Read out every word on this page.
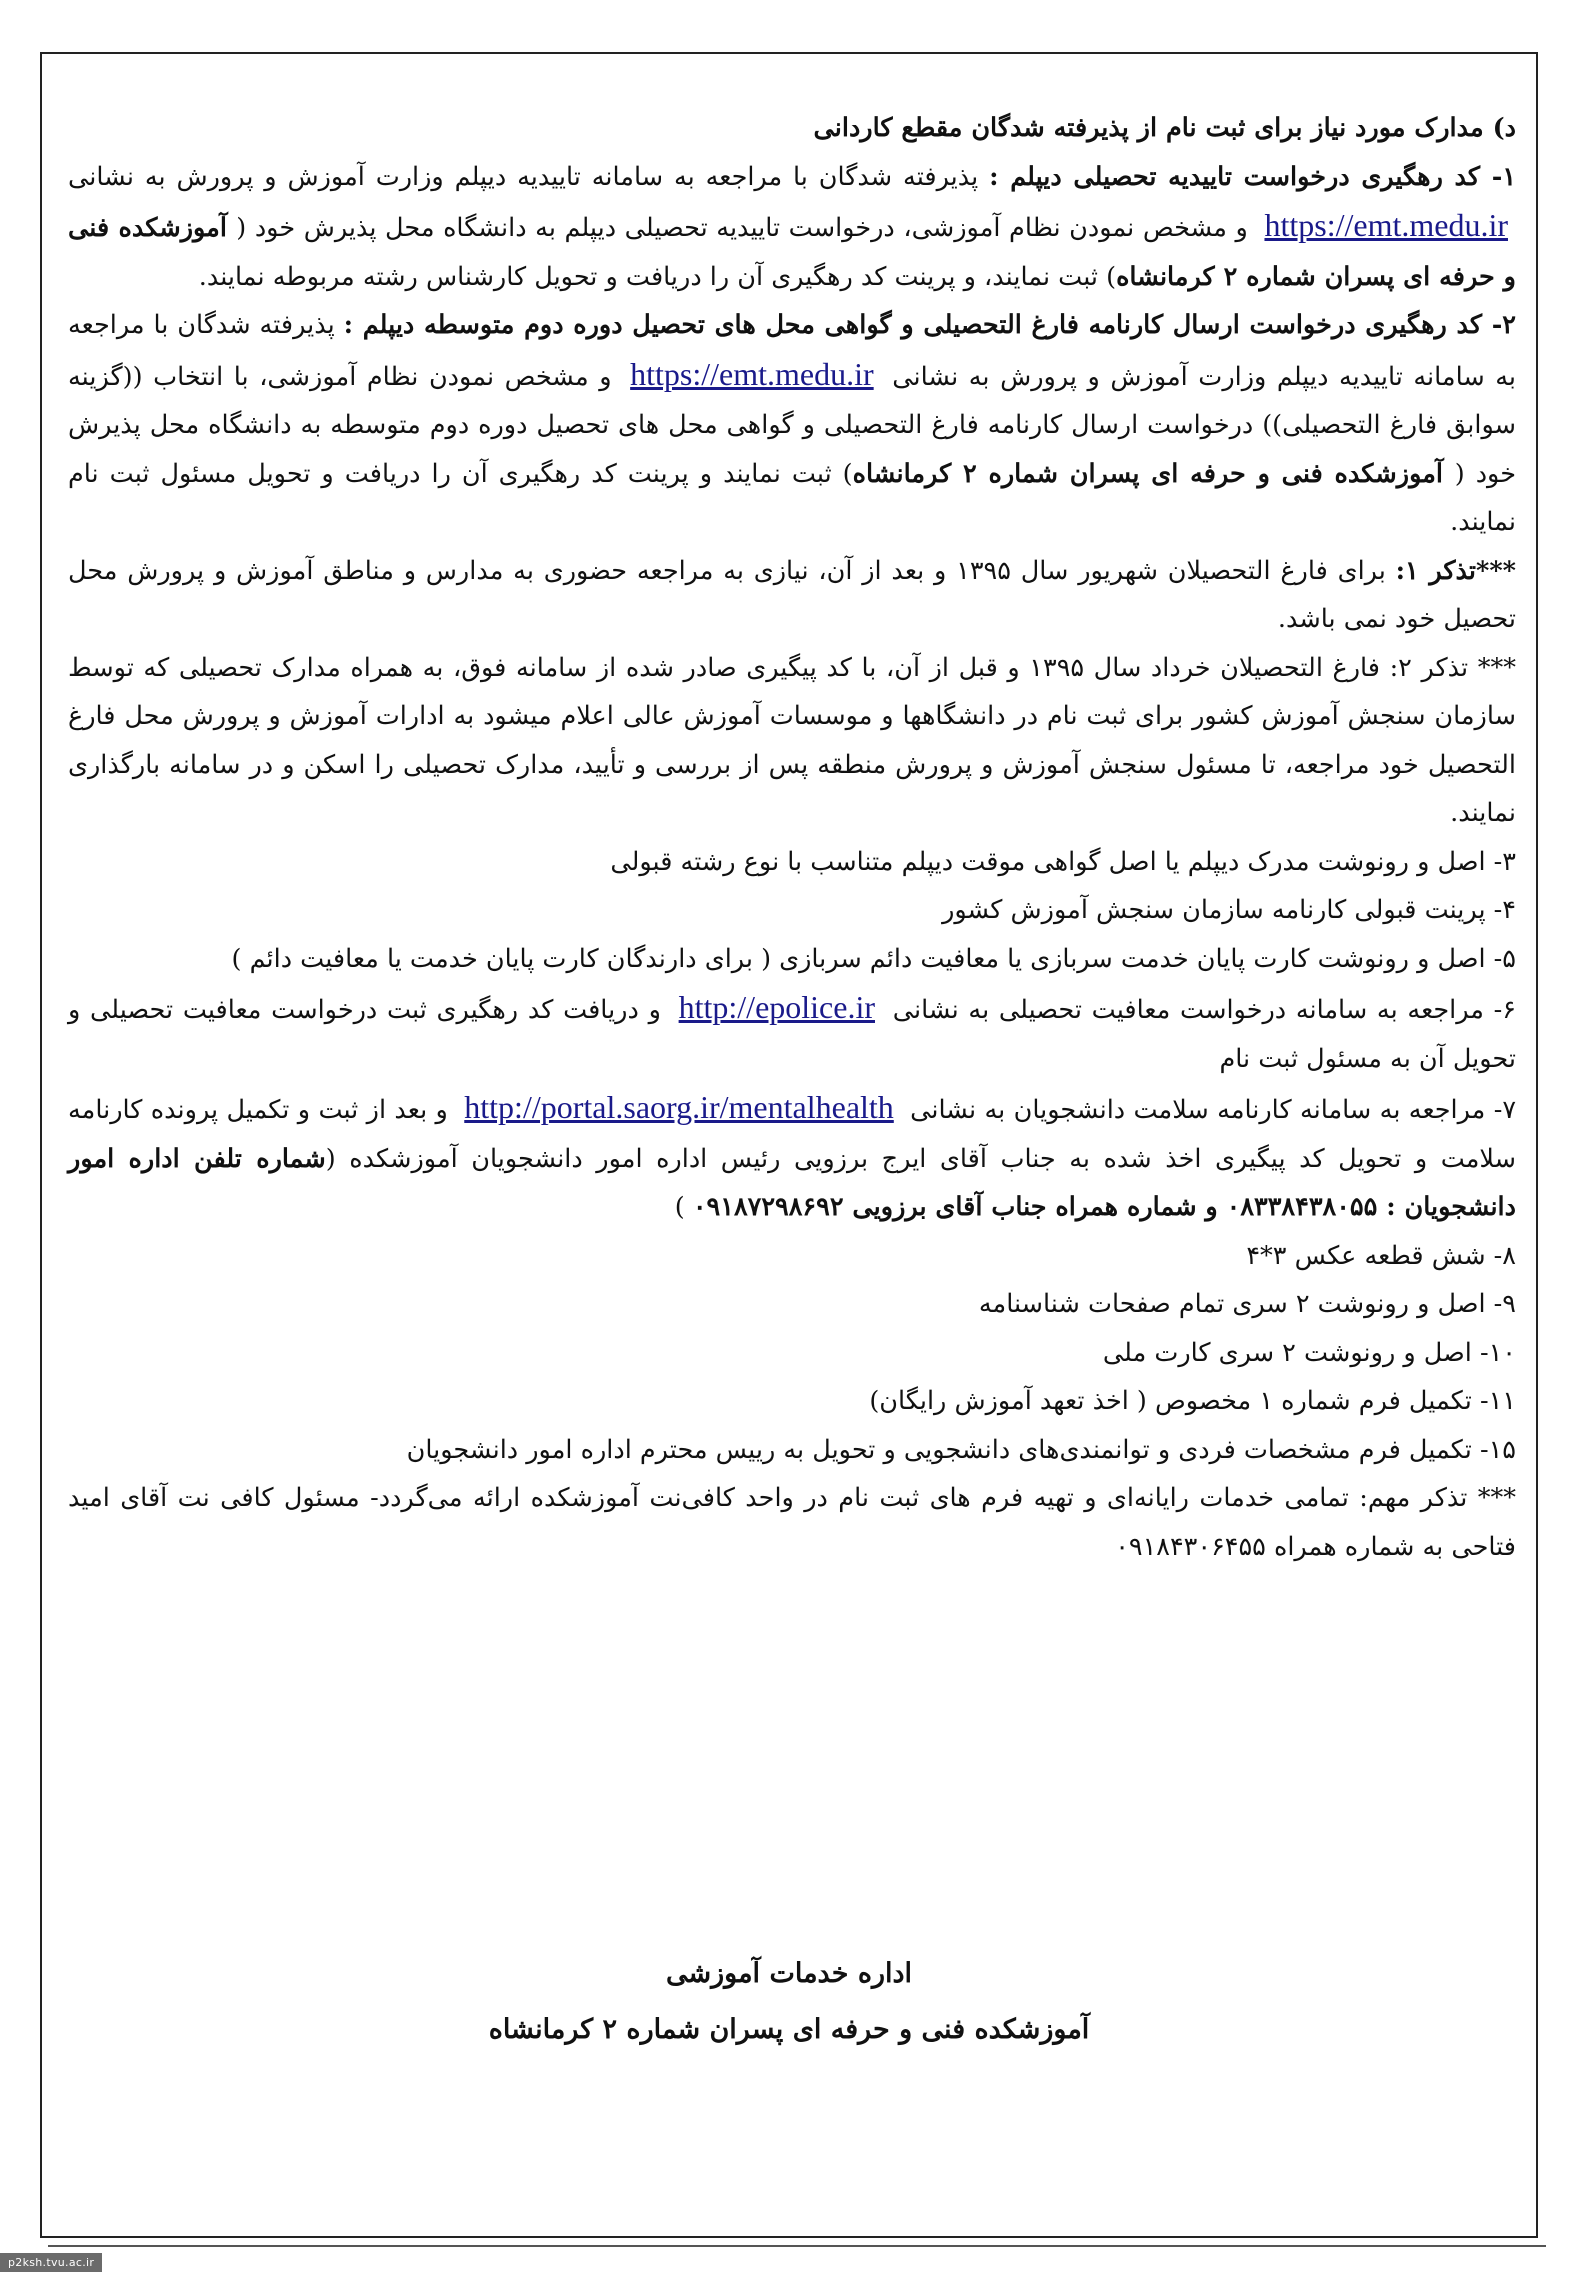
د) مدارک مورد نیاز برای ثبت نام از پذیرفته شدگان مقطع کاردانی

۱- کد رهگیری درخواست تاییدیه تحصیلی دیپلم : پذیرفته شدگان با مراجعه به سامانه تاییدیه دیپلم وزارت آموزش و پرورش به نشانی https://emt.medu.ir و مشخص نمودن نظام آموزشی، درخواست تاییدیه تحصیلی دیپلم به دانشگاه محل پذیرش خود ( آموزشکده فنی و حرفه ای پسران شماره ۲ کرمانشاه) ثبت نمایند، و پرینت کد رهگیری آن را دریافت و تحویل کارشناس رشته مربوطه نمایند.

۲- کد رهگیری درخواست ارسال کارنامه فارغ التحصیلی و گواهی محل های تحصیل دوره دوم متوسطه دیپلم : پذیرفته شدگان با مراجعه به سامانه تاییدیه دیپلم وزارت آموزش و پرورش به نشانی https://emt.medu.ir و مشخص نمودن نظام آموزشی، با انتخاب ((گزینه سوابق فارغ التحصیلی)) درخواست ارسال کارنامه فارغ التحصیلی و گواهی محل های تحصیل دوره دوم متوسطه به دانشگاه محل پذیرش خود ( آموزشکده فنی و حرفه ای پسران شماره ۲ کرمانشاه) ثبت نمایند و پرینت کد رهگیری آن را دریافت و تحویل مسئول ثبت نام نمایند.

***تذکر ۱: برای فارغ التحصیلان شهریور سال ۱۳۹۵ و بعد از آن، نیازی به مراجعه حضوری به مدارس و مناطق آموزش و پرورش محل تحصیل خود نمی باشد.

*** تذکر ۲: فارغ التحصیلان خرداد سال ۱۳۹۵ و قبل از آن، با کد پیگیری صادر شده از سامانه فوق، به همراه مدارک تحصیلی که توسط سازمان سنجش آموزش کشور برای ثبت نام در دانشگاهها و موسسات آموزش عالی اعلام میشود به ادارات آموزش و پرورش محل فارغ التحصیل خود مراجعه، تا مسئول سنجش آموزش و پرورش منطقه پس از بررسی و تأیید، مدارک تحصیلی را اسکن و در سامانه بارگذاری نمایند.

۳- اصل و رونوشت مدرک دیپلم یا اصل گواهی موقت دیپلم متناسب با نوع رشته قبولی

۴- پرینت قبولی کارنامه سازمان سنجش آموزش کشور

۵- اصل و رونوشت کارت پایان خدمت سربازی یا معافیت دائم سربازی ( برای دارندگان کارت پایان خدمت یا معافیت دائم )

۶- مراجعه به سامانه درخواست معافیت تحصیلی به نشانی http://epolice.ir و دریافت کد رهگیری ثبت درخواست معافیت تحصیلی و تحویل آن به مسئول ثبت نام

۷- مراجعه به سامانه کارنامه سلامت دانشجویان به نشانی http://portal.saorg.ir/mentalhealth و بعد از ثبت و تکمیل پرونده کارنامه سلامت و تحویل کد پیگیری اخذ شده به جناب آقای ایرج برزویی رئیس اداره امور دانشجویان آموزشکده (شماره تلفن اداره امور دانشجویان : ۰۸۳۳۸۴۳۸۰۵۵ و شماره همراه جناب آقای برزویی ۰۹۱۸۷۲۹۸۶۹۲ )

۸- شش قطعه عکس ۳*۴

۹- اصل و رونوشت ۲ سری تمام صفحات شناسنامه

۱۰- اصل و رونوشت ۲ سری کارت ملی

۱۱- تکمیل فرم شماره ۱ مخصوص ( اخذ تعهد آموزش رایگان)

۱۵- تکمیل فرم مشخصات فردی و توانمندی‌های دانشجویی و تحویل به رییس محترم اداره امور دانشجویان

*** تذکر مهم: تمامی خدمات رایانه‌ای و تهیه فرم های ثبت نام در واحد کافی‌نت آموزشکده ارائه می‌گردد- مسئول کافی نت آقای امید فتاحی به شماره همراه ۰۹۱۸۴۳۰۶۴۵۵

اداره خدمات آموزشی
آموزشکده فنی و حرفه ای پسران شماره ۲ کرمانشاه
p2ksh.tvu.ac.ir
